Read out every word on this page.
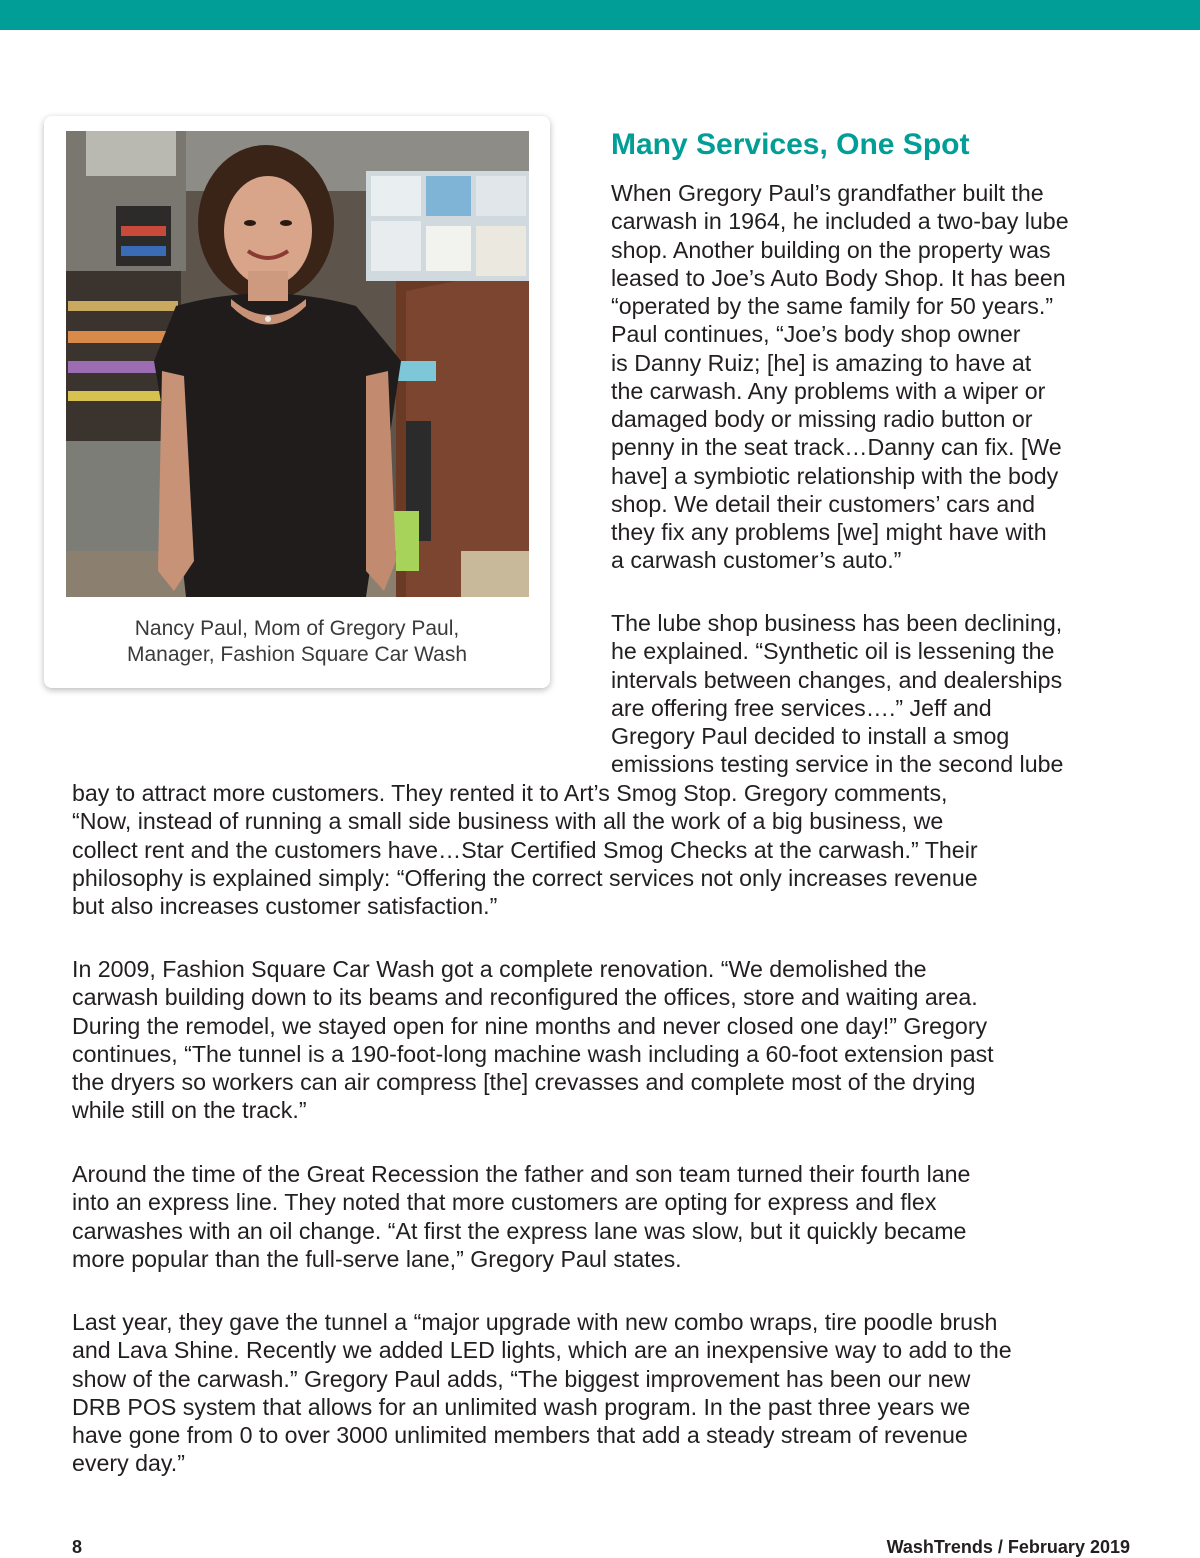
Nancy Paul, Mom of Gregory Paul,
Manager, Fashion Square Car Wash
Many Services, One Spot
When Gregory Paul’s grandfather built the
carwash in 1964, he included a two-bay lube
shop. Another building on the property was
leased to Joe’s Auto Body Shop. It has been
“operated by the same family for 50 years.”
Paul continues, “Joe’s body shop owner
is Danny Ruiz; [he] is amazing to have at
the carwash. Any problems with a wiper or
damaged body or missing radio button or
penny in the seat track…Danny can fix. [We
have] a symbiotic relationship with the body
shop. We detail their customers’ cars and
they fix any problems [we] might have with
a carwash customer’s auto.”
The lube shop business has been declining,
he explained. “Synthetic oil is lessening the
intervals between changes, and dealerships
are offering free services….” Jeff and
Gregory Paul decided to install a smog
emissions testing service in the second lube
bay to attract more customers. They rented it to Art’s Smog Stop. Gregory comments,
“Now, instead of running a small side business with all the work of a big business, we
collect rent and the customers have…Star Certified Smog Checks at the carwash.” Their
philosophy is explained simply: “Offering the correct services not only increases revenue
but also increases customer satisfaction.”
In 2009, Fashion Square Car Wash got a complete renovation. “We demolished the
carwash building down to its beams and reconfigured the offices, store and waiting area.
During the remodel, we stayed open for nine months and never closed one day!” Gregory
continues, “The tunnel is a 190-foot-long machine wash including a 60-foot extension past
the dryers so workers can air compress [the] crevasses and complete most of the drying
while still on the track.”
Around the time of the Great Recession the father and son team turned their fourth lane
into an express line. They noted that more customers are opting for express and flex
carwashes with an oil change. “At first the express lane was slow, but it quickly became
more popular than the full-serve lane,” Gregory Paul states.
Last year, they gave the tunnel a “major upgrade with new combo wraps, tire poodle brush
and Lava Shine. Recently we added LED lights, which are an inexpensive way to add to the
show of the carwash.” Gregory Paul adds, “The biggest improvement has been our new
DRB POS system that allows for an unlimited wash program. In the past three years we
have gone from 0 to over 3000 unlimited members that add a steady stream of revenue
every day.”
8	WashTrends / February 2019
